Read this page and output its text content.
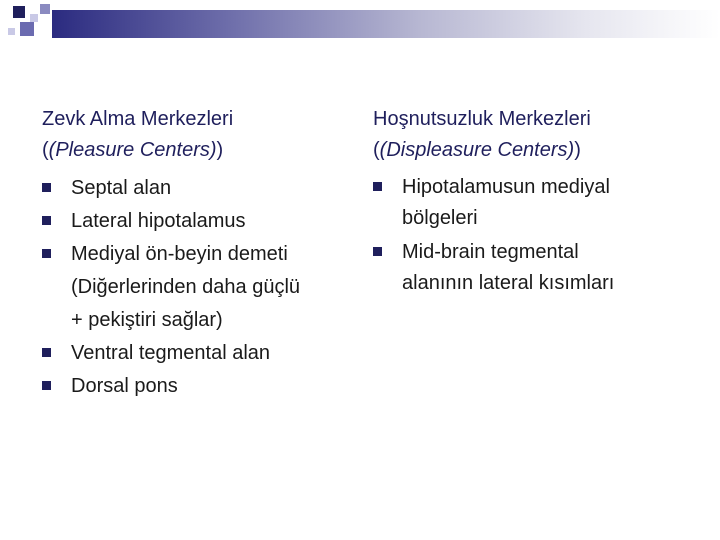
Zevk Alma Merkezleri
((Pleasure Centers))
Septal alan
Lateral hipotalamus
Mediyal ön-beyin demeti
(Diğerlerinden daha güçlü
+ pekiştiri sağlar)
Ventral tegmental alan
Dorsal pons
Hoşnutsuzluk Merkezleri
((Displeasure Centers))
Hipotalamusun mediyal
bölgeleri
Mid-brain tegmental
alanının lateral kısımları
